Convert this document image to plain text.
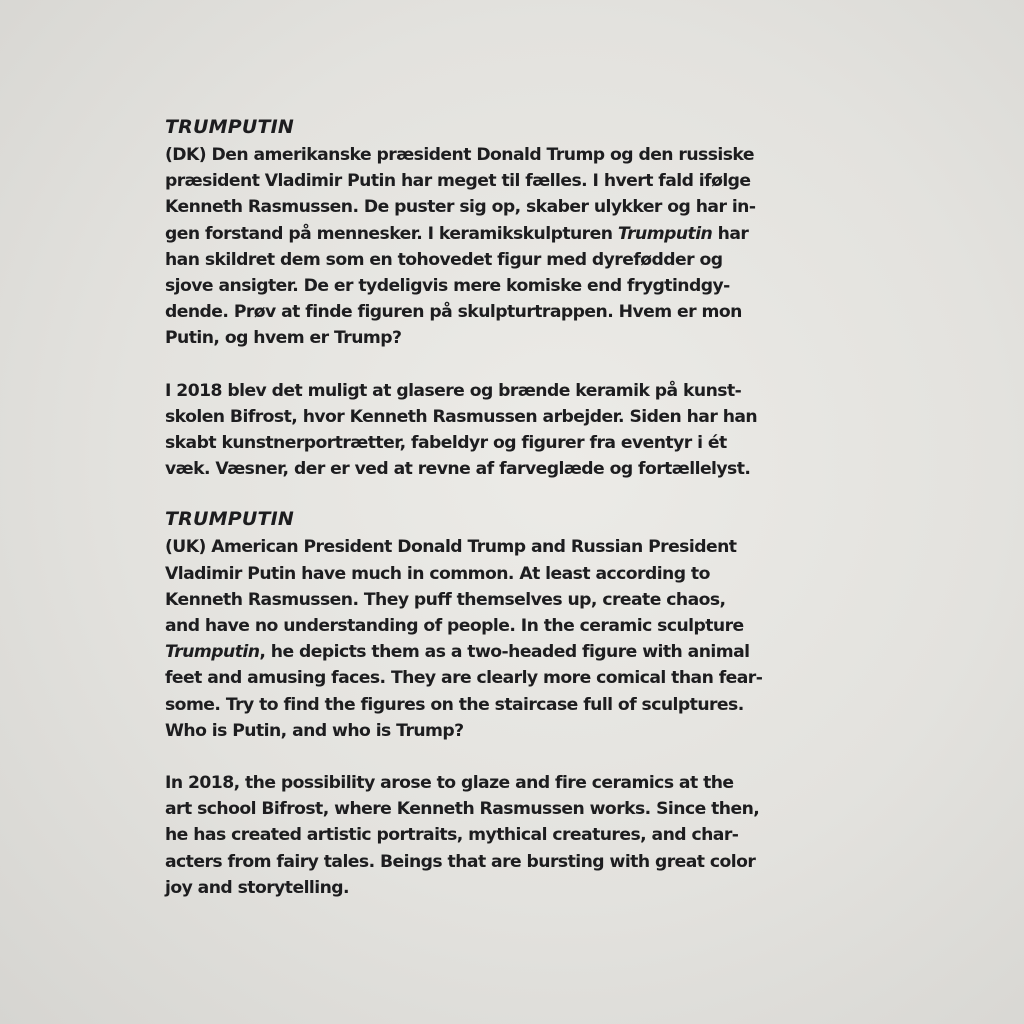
TRUMPUTIN

(DK) Den amerikanske præsident Donald Trump og den russiske
præsident Vladimir Putin har meget til fælles. I hvert fald ifølge
Kenneth Rasmussen. De puster sig op, skaber ulykker og har in-
gen forstand på mennesker. I keramikskulpturen Trumputin har
han skildret dem som en tohovedet figur med dyrefødder og
sjove ansigter. De er tydeligvis mere komiske end frygtindgy-
dende. Prøv at finde figuren på skulpturtrappen. Hvem er mon
Putin, og hvem er Trump?

I 2018 blev det muligt at glasere og brænde keramik på kunst-
skolen Bifrost, hvor Kenneth Rasmussen arbejder. Siden har han
skabt kunstnerportrætter, fabeldyr og figurer fra eventyr i ét
væk. Væsner, der er ved at revne af farveglæde og fortællelyst.

TRUMPUTIN

(UK) American President Donald Trump and Russian President
Vladimir Putin have much in common. At least according to
Kenneth Rasmussen. They puff themselves up, create chaos,
and have no understanding of people. In the ceramic sculpture
Trumputin, he depicts them as a two-headed figure with animal
feet and amusing faces. They are clearly more comical than fear-
some. Try to find the figures on the staircase full of sculptures.
Who is Putin, and who is Trump?

In 2018, the possibility arose to glaze and fire ceramics at the
art school Bifrost, where Kenneth Rasmussen works. Since then,
he has created artistic portraits, mythical creatures, and char-
acters from fairy tales. Beings that are bursting with great color
joy and storytelling.
